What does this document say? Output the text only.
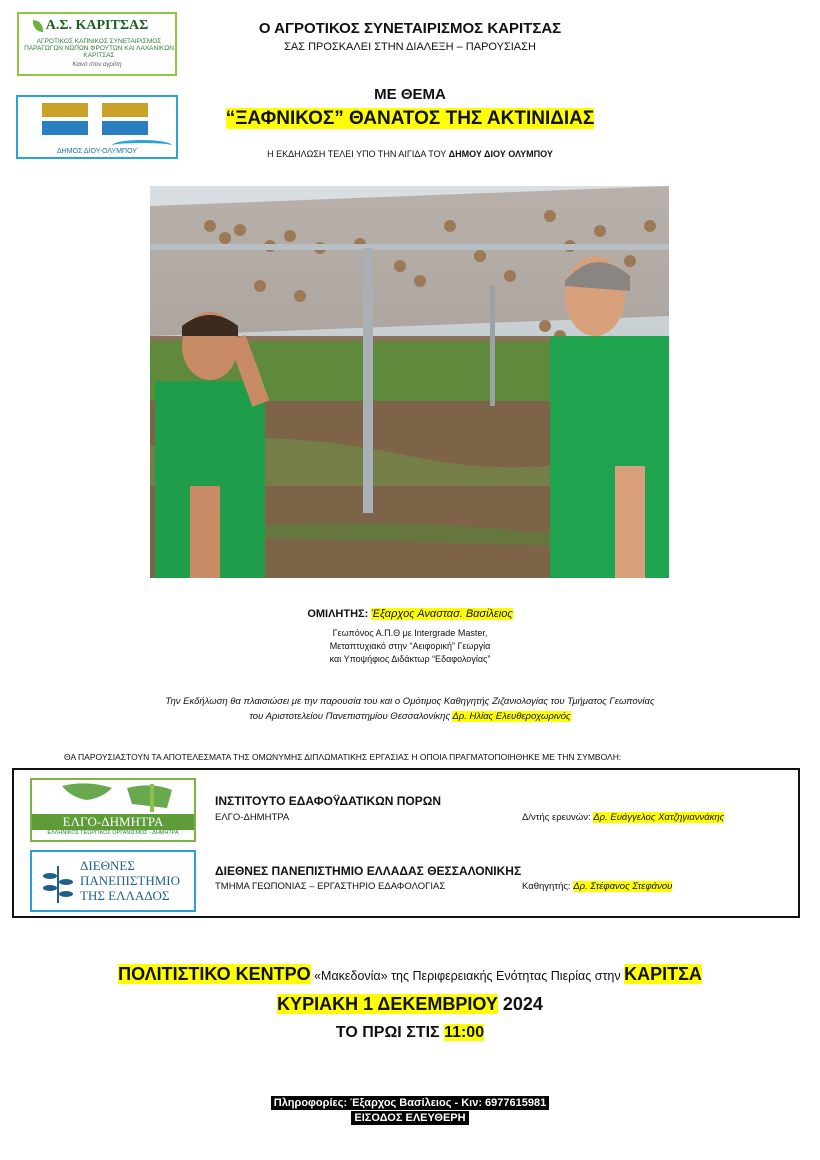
Α.Σ. ΚΑΡΙΤΣΑΣ
ΑΓΡΟΤΙΚΟΣ ΚΑΠΝΙΚΟΣ ΣΥΝΕΤΑΙΡΙΣΜΟΣ ΠΑΡΑΓΩΓΩΝ ΝΩΠΩΝ ΦΡΟΥΤΩΝ ΚΑΙ ΛΑΧΑΝΙΚΩΝ ΚΑΡΙΤΣΑΣ
Καινό στον αγρότη
ΔΗΜΟΣ ΔΙΟΥ-ΟΛΥΜΠΟΥ
Ο ΑΓΡΟΤΙΚΟΣ ΣΥΝΕΤΑΙΡΙΣΜΟΣ ΚΑΡΙΤΣΑΣ
ΣΑΣ ΠΡΟΣΚΑΛΕΙ ΣΤΗΝ ΔΙΑΛΕΞΗ – ΠΑΡΟΥΣΙΑΣΗ
ΜΕ ΘΕΜΑ
“ΞΑΦΝΙΚΟΣ” ΘΑΝΑΤΟΣ ΤΗΣ ΑΚΤΙΝΙΔΙΑΣ
Η ΕΚΔΗΛΩΣΗ ΤΕΛΕΙ ΥΠΟ ΤΗΝ ΑΙΓΙΔΑ ΤΟΥ ΔΗΜΟΥ ΔΙΟΥ ΟΛΥΜΠΟΥ
ΟΜΙΛΗΤΗΣ: Έξαρχος Αναστασ. Βασίλειος
Γεωπόνος Α.Π.Θ με Intergrade Master,
Μεταπτυχιακό στην “Αειφορική” Γεωργία
και Υποψήφιος Διδάκτωρ “Εδαφολογίας”
Την Εκδήλωση θα πλαισιώσει με την παρουσία του και ο Ομότιμος Καθηγητής Ζιζανιολογίας του Τμήματος Γεωπονίας
του Αριστοτελείου Πανεπιστημίου Θεσσαλονίκης Δρ. Ηλίας Ελευθεροχωρινός
ΘΑ ΠΑΡΟΥΣΙΑΣΤΟΥΝ ΤΑ ΑΠΟΤΕΛΕΣΜΑΤΑ ΤΗΣ ΟΜΩΝΥΜΗΣ ΔΙΠΛΩΜΑΤΙΚΗΣ ΕΡΓΑΣΙΑΣ Η ΟΠΟΙΑ ΠΡΑΓΜΑΤΟΠΟΙΗΘΗΚΕ ΜΕ ΤΗΝ ΣΥΜΒΟΛΗ:
ΕΛΓΟ-ΔΗΜΗΤΡΑ
ΕΛΛΗΝΙΚΟΣ ΓΕΩΡΓΙΚΟΣ ΟΡΓΑΝΙΣΜΟΣ - ΔΗΜΗΤΡΑ
ΔΙΕΘΝΕΣ
ΠΑΝΕΠΙΣΤΗΜΙΟ
ΤΗΣ ΕΛΛΑΔΟΣ
ΙΝΣΤΙΤΟΥΤΟ ΕΔΑΦΟΫΔΑΤΙΚΩΝ ΠΟΡΩΝ
ΕΛΓΟ-ΔΗΜΗΤΡΑ	Δ/ντής ερευνών: Δρ. Ευάγγελος Χατζηγιαννάκης
ΔΙΕΘΝΕΣ ΠΑΝΕΠΙΣΤΗΜΙΟ ΕΛΛΑΔΑΣ ΘΕΣΣΑΛΟΝΙΚΗΣ
ΤΜΗΜΑ ΓΕΩΠΟΝΙΑΣ – ΕΡΓΑΣΤΗΡΙΟ ΕΔΑΦΟΛΟΓΙΑΣ	Καθηγητής: Δρ. Στέφανος Στεφάνου
ΠΟΛΙΤΙΣΤΙΚΟ ΚΕΝΤΡΟ «Μακεδονία» της Περιφερειακής Ενότητας Πιερίας στην ΚΑΡΙΤΣΑ
ΚΥΡΙΑΚΗ 1 ΔΕΚΕΜΒΡΙΟΥ 2024
ΤΟ ΠΡΩΙ ΣΤΙΣ 11:00
Πληροφορίες: Έξαρχος Βασίλειος - Κιν: 6977615981
ΕΙΣΟΔΟΣ ΕΛΕΥΘΕΡΗ
